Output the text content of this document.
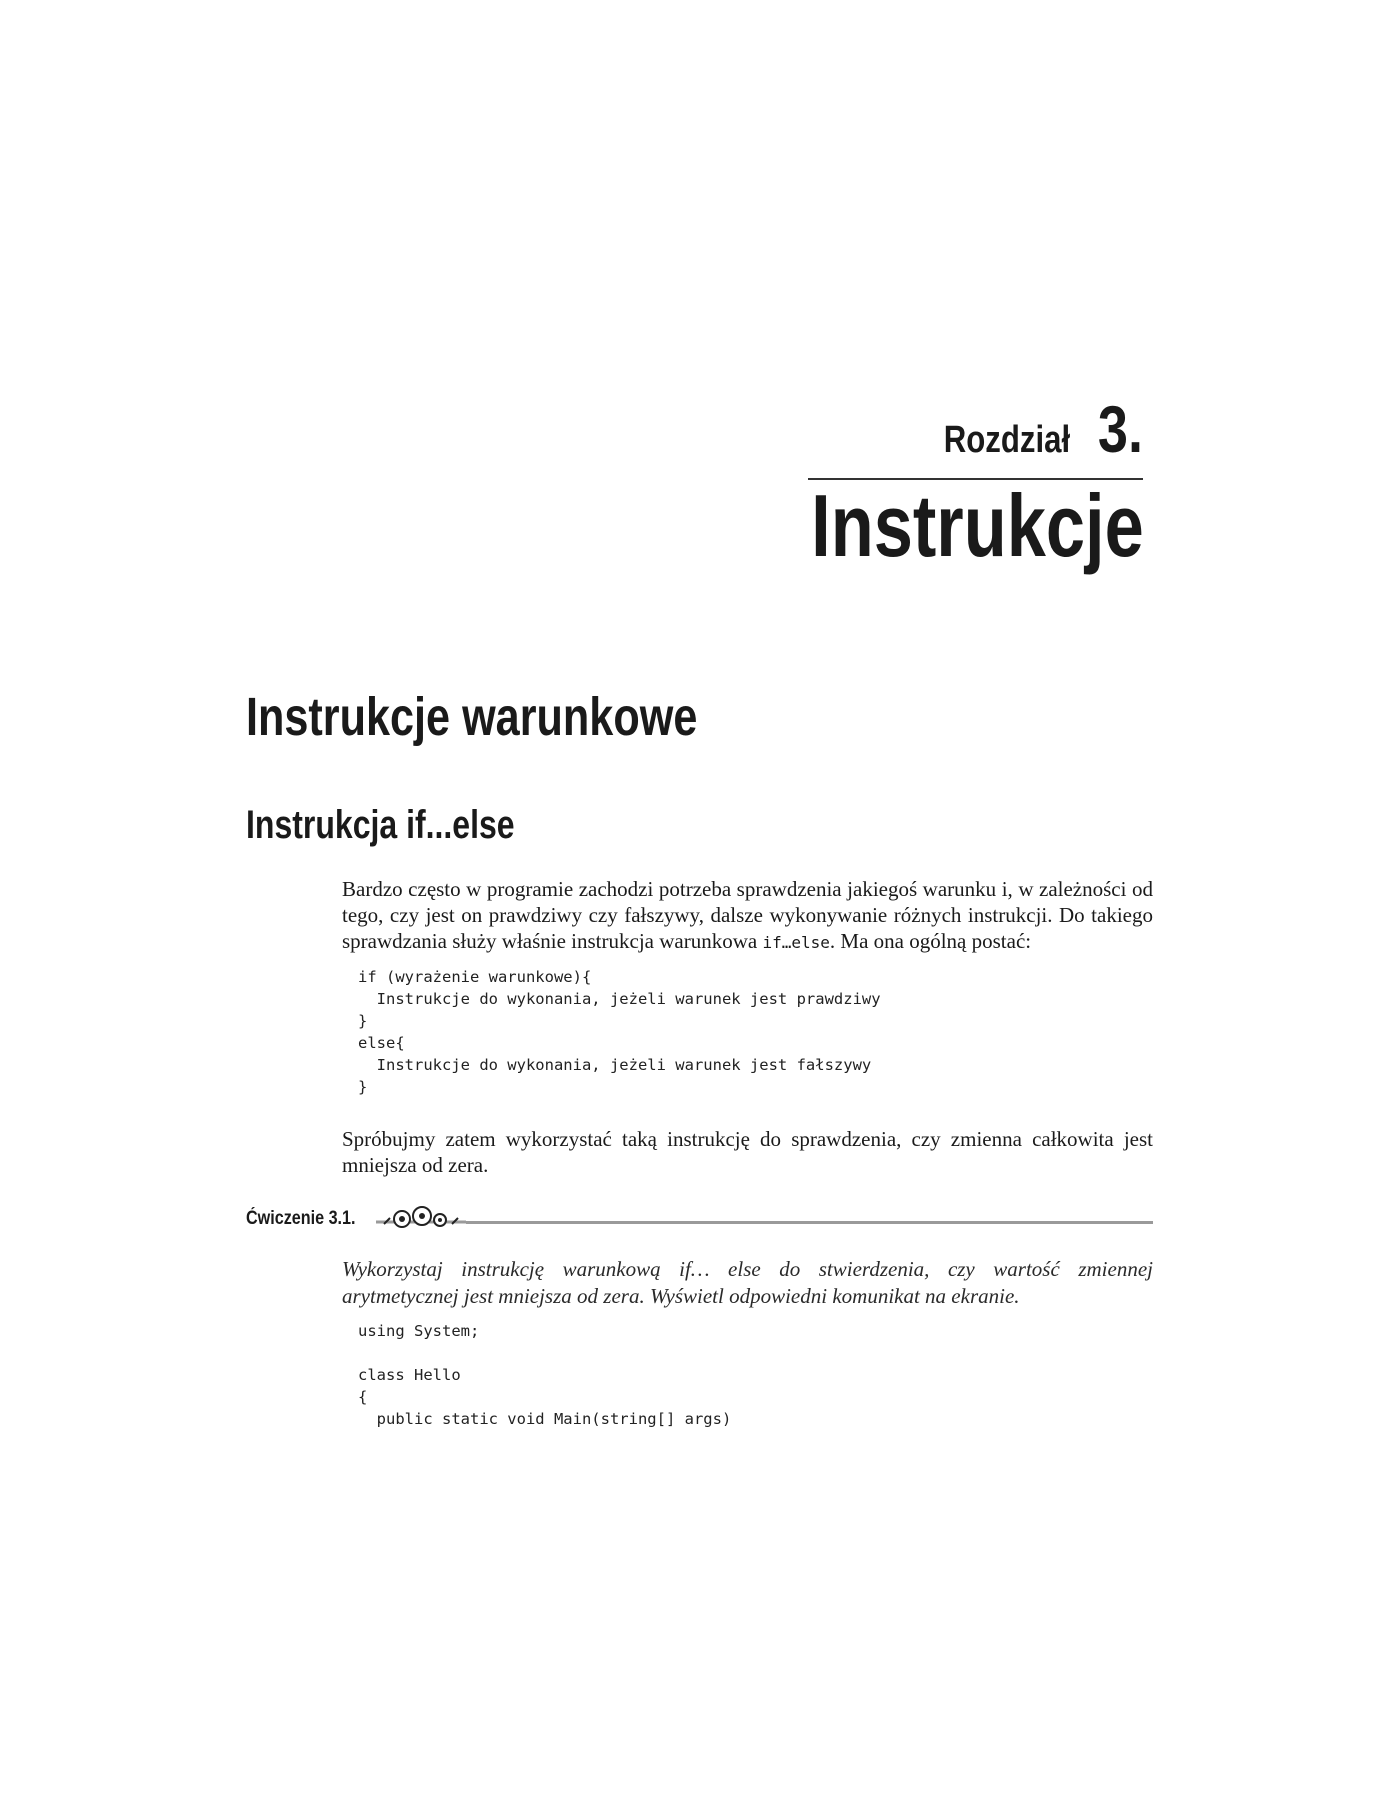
Rozdział 3.
Instrukcje
Instrukcje warunkowe
Instrukcja if...else

Bardzo często w programie zachodzi potrzeba sprawdzenia jakiegoś warunku i, w zależności od tego, czy jest on prawdziwy czy fałszywy, dalsze wykonywanie różnych instrukcji. Do takiego sprawdzania służy właśnie instrukcja warunkowa if…else. Ma ona ogólną postać:

if (wyrażenie warunkowe){
Instrukcje do wykonania, jeżeli warunek jest prawdziwy
}
else{
Instrukcje do wykonania, jeżeli warunek jest fałszywy
}

Spróbujmy zatem wykorzystać taką instrukcję do sprawdzenia, czy zmienna całkowita jest mniejsza od zera.

Ćwiczenie 3.1.

Wykorzystaj instrukcję warunkową if… else do stwierdzenia, czy wartość zmiennej arytmetycznej jest mniejsza od zera. Wyświetl odpowiedni komunikat na ekranie.

using System;

class Hello
{
public static void Main(string[] args)
